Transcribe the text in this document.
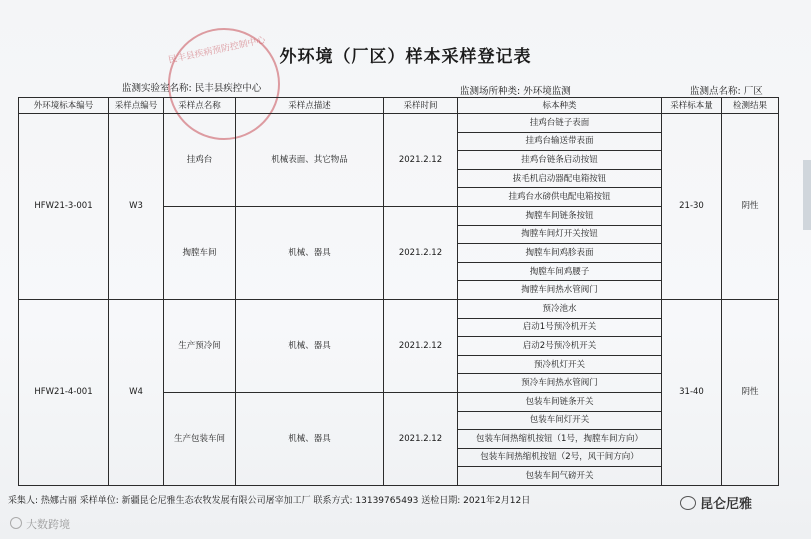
民丰县疾病预防控制中心 外环境（厂区）样本采样登记表
监测实验室名称: 民丰县疾控中心	监测场所种类: 外环境监测	监测点名称: 厂区
外环境标本编号	采样点编号	采样点名称	采样点描述	采样时间	标本种类	采样标本量	检测结果
HFW21-3-001	W3	挂鸡台	机械表面、其它物品	2021.2.12	挂鸡台链子表面	21-30	阴性
					挂鸡台输送带表面		
					挂鸡台链条启动按钮		
					拔毛机启动器配电箱按钮		
					挂鸡台水磅供电配电箱按钮		
		掏膛车间	机械、器具	2021.2.12	掏膛车间链条按钮		
					掏膛车间灯开关按钮		
					掏膛车间鸡胗表面		
					掏膛车间鸡腰子		
					掏膛车间热水管阀门		
HFW21-4-001	W4	生产预冷间	机械、器具	2021.2.12	预冷池水	31-40	阴性
					启动1号预冷机开关		
					启动2号预冷机开关		
					预冷机灯开关		
					预冷车间热水管阀门		
		生产包装车间	机械、器具	2021.2.12	包装车间链条开关		
					包装车间灯开关		
					包装车间热缩机按钮（1号，掏膛车间方向）		
					包装车间热缩机按钮（2号，风干间方向）		
					包装车间气磅开关		
采集人: 热娜古丽 采样单位: 新疆昆仑尼雅生态农牧发展有限公司屠宰加工厂 联系方式: 13139765493 送检日期: 2021年2月12日	昆仑尼雅
大数跨境
